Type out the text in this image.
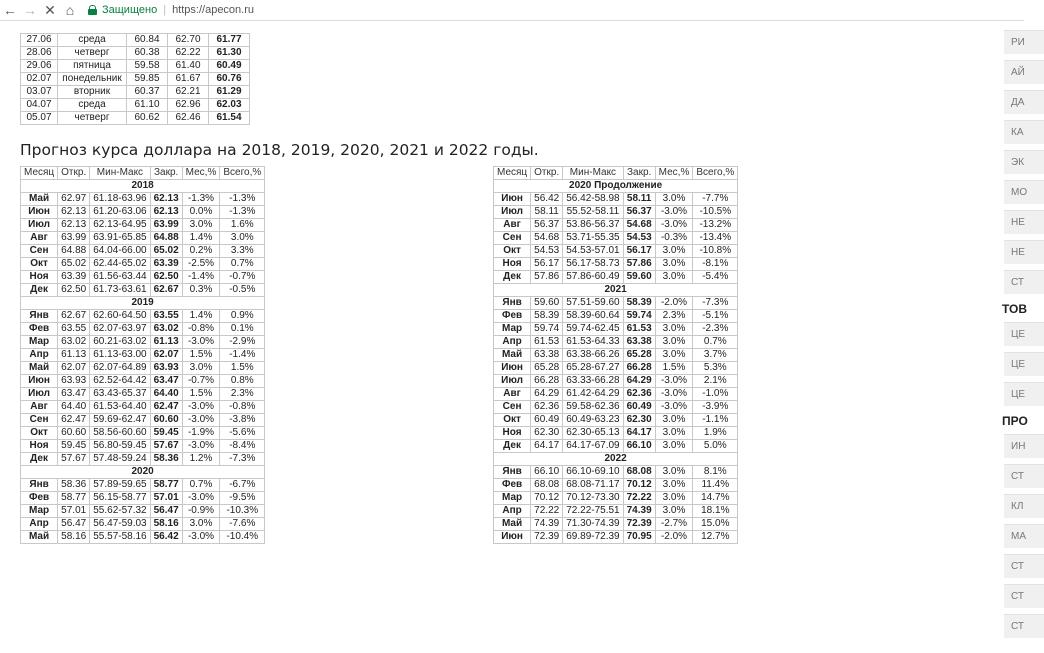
← → ✕ ⌂	Защищено | https://apecon.ru
27.06	среда	60.84	62.70	61.77
28.06	четверг	60.38	62.22	61.30
29.06	пятница	59.58	61.40	60.49
02.07	понедельник	59.85	61.67	60.76
03.07	вторник	60.37	62.21	61.29
04.07	среда	61.10	62.96	62.03
05.07	четверг	60.62	62.46	61.54
Прогноз курса доллара на 2018, 2019, 2020, 2021 и 2022 годы.
Месяц	Откр.	Мин-Макс	Закр.	Мес,%	Всего,%
2018					
Май	62.97	61.18-63.96	62.13	-1.3%	-1.3%
Июн	62.13	61.20-63.06	62.13	0.0%	-1.3%
Июл	62.13	62.13-64.95	63.99	3.0%	1.6%
Авг	63.99	63.91-65.85	64.88	1.4%	3.0%
Сен	64.88	64.04-66.00	65.02	0.2%	3.3%
Окт	65.02	62.44-65.02	63.39	-2.5%	0.7%
Ноя	63.39	61.56-63.44	62.50	-1.4%	-0.7%
Дек	62.50	61.73-63.61	62.67	0.3%	-0.5%
2019					
Янв	62.67	62.60-64.50	63.55	1.4%	0.9%
Фев	63.55	62.07-63.97	63.02	-0.8%	0.1%
Мар	63.02	60.21-63.02	61.13	-3.0%	-2.9%
Апр	61.13	61.13-63.00	62.07	1.5%	-1.4%
Май	62.07	62.07-64.89	63.93	3.0%	1.5%
Июн	63.93	62.52-64.42	63.47	-0.7%	0.8%
Июл	63.47	63.43-65.37	64.40	1.5%	2.3%
Авг	64.40	61.53-64.40	62.47	-3.0%	-0.8%
Сен	62.47	59.69-62.47	60.60	-3.0%	-3.8%
Окт	60.60	58.56-60.60	59.45	-1.9%	-5.6%
Ноя	59.45	56.80-59.45	57.67	-3.0%	-8.4%
Дек	57.67	57.48-59.24	58.36	1.2%	-7.3%
2020					
Янв	58.36	57.89-59.65	58.77	0.7%	-6.7%
Фев	58.77	56.15-58.77	57.01	-3.0%	-9.5%
Мар	57.01	55.62-57.32	56.47	-0.9%	-10.3%
Апр	56.47	56.47-59.03	58.16	3.0%	-7.6%
Май	58.16	55.57-58.16	56.42	-3.0%	-10.4%
Месяц	Откр.	Мин-Макс	Закр.	Мес,%	Всего,%
2020 Продолжение					
Июн	56.42	56.42-58.98	58.11	3.0%	-7.7%
Июл	58.11	55.52-58.11	56.37	-3.0%	-10.5%
Авг	56.37	53.86-56.37	54.68	-3.0%	-13.2%
Сен	54.68	53.71-55.35	54.53	-0.3%	-13.4%
Окт	54.53	54.53-57.01	56.17	3.0%	-10.8%
Ноя	56.17	56.17-58.73	57.86	3.0%	-8.1%
Дек	57.86	57.86-60.49	59.60	3.0%	-5.4%
2021					
Янв	59.60	57.51-59.60	58.39	-2.0%	-7.3%
Фев	58.39	58.39-60.64	59.74	2.3%	-5.1%
Мар	59.74	59.74-62.45	61.53	3.0%	-2.3%
Апр	61.53	61.53-64.33	63.38	3.0%	0.7%
Май	63.38	63.38-66.26	65.28	3.0%	3.7%
Июн	65.28	65.28-67.27	66.28	1.5%	5.3%
Июл	66.28	63.33-66.28	64.29	-3.0%	2.1%
Авг	64.29	61.42-64.29	62.36	-3.0%	-1.0%
Сен	62.36	59.58-62.36	60.49	-3.0%	-3.9%
Окт	60.49	60.49-63.23	62.30	3.0%	-1.1%
Ноя	62.30	62.30-65.13	64.17	3.0%	1.9%
Дек	64.17	64.17-67.09	66.10	3.0%	5.0%
2022					
Янв	66.10	66.10-69.10	68.08	3.0%	8.1%
Фев	68.08	68.08-71.17	70.12	3.0%	11.4%
Мар	70.12	70.12-73.30	72.22	3.0%	14.7%
Апр	72.22	72.22-75.51	74.39	3.0%	18.1%
Май	74.39	71.30-74.39	72.39	-2.7%	15.0%
Июн	72.39	69.89-72.39	70.95	-2.0%	12.7%
РИ
АЙ
ДА
КА
ЭК
МО
НЕ
НЕ
СТ
ТОВ
ЦЕ
ЦЕ
ЦЕ
ПРО
ИН
СТ
КЛ
МА
СТ
СТ
СТ
